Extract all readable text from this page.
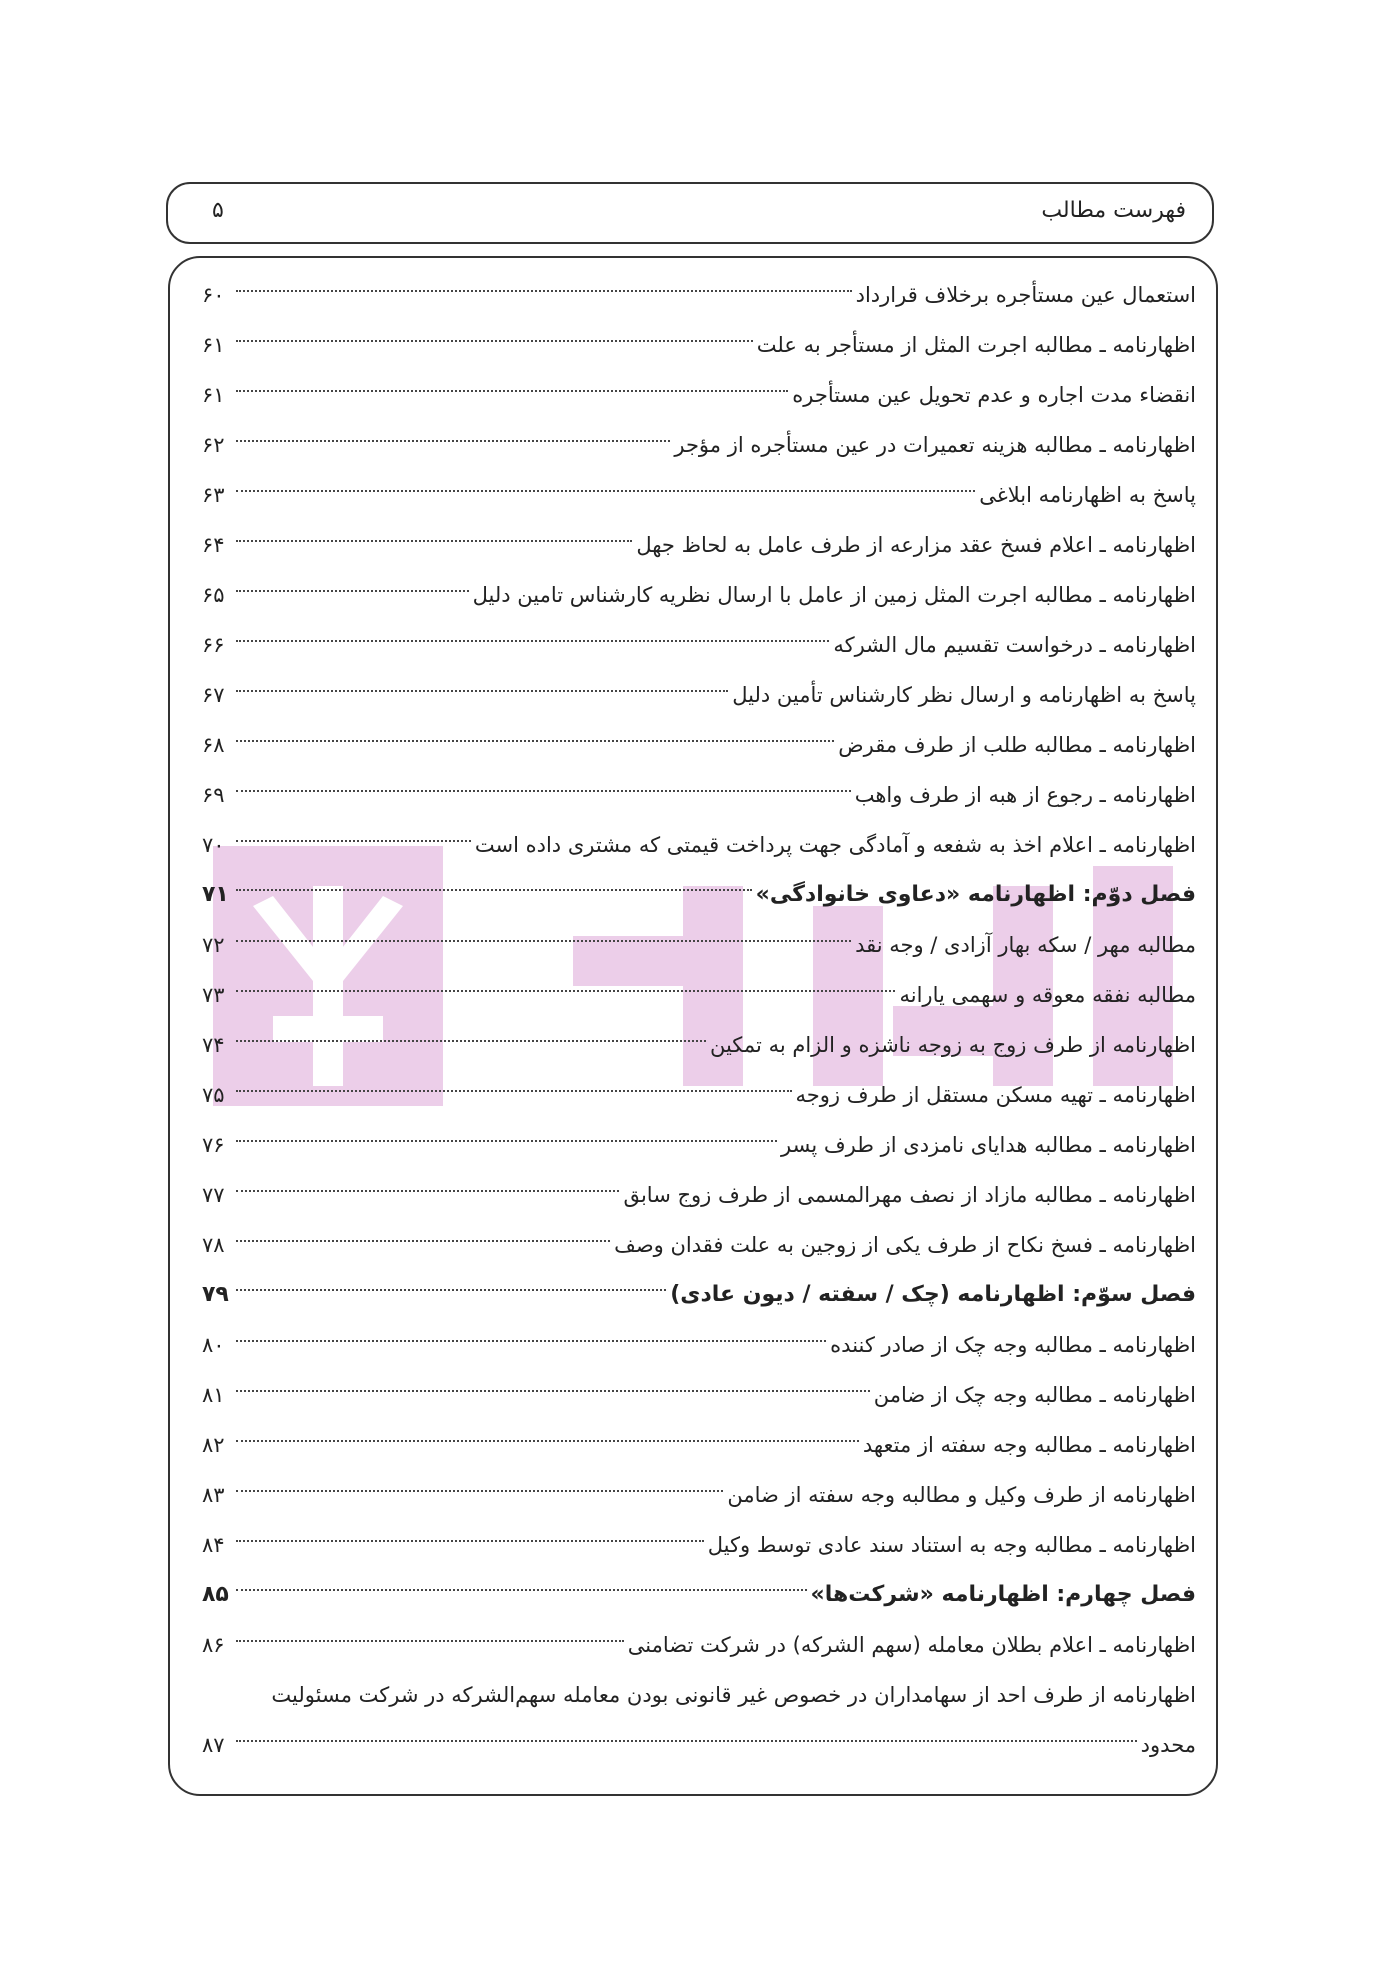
فهرست مطالب
۵
استعمال عین مستأجره برخلاف قرارداد
۶۰
اظهارنامه ـ مطالبه اجرت المثل از مستأجر به علت
۶۱
انقضاء مدت اجاره و عدم تحویل عین مستأجره
۶۱
اظهارنامه ـ مطالبه هزینه تعمیرات در عین مستأجره از مؤجر
۶۲
پاسخ به اظهارنامه ابلاغی
۶۳
اظهارنامه ـ اعلام فسخ عقد مزارعه از طرف عامل به لحاظ جهل
۶۴
اظهارنامه ـ مطالبه اجرت المثل زمین از عامل با ارسال نظریه کارشناس تامین دلیل
۶۵
اظهارنامه ـ درخواست تقسیم مال الشرکه
۶۶
پاسخ به اظهارنامه و ارسال نظر کارشناس تأمین دلیل
۶۷
اظهارنامه ـ مطالبه طلب از طرف مقرض
۶۸
اظهارنامه ـ رجوع از هبه از طرف واهب
۶۹
اظهارنامه ـ اعلام اخذ به شفعه و آمادگی جهت پرداخت قیمتی که مشتری داده است
۷۰
فصل دوّم: اظهارنامه «دعاوی خانوادگی»
۷۱
مطالبه مهر / سکه بهار آزادی / وجه نقد
۷۲
مطالبه نفقه معوقه و سهمی یارانه
۷۳
اظهارنامه از طرف زوج به زوجه ناشزه و الزام به تمکین
۷۴
اظهارنامه ـ تهیه مسکن مستقل از طرف زوجه
۷۵
اظهارنامه ـ مطالبه هدایای نامزدی از طرف پسر
۷۶
اظهارنامه ـ مطالبه مازاد از نصف مهرالمسمی از طرف زوج سابق
۷۷
اظهارنامه ـ فسخ نکاح از طرف یکی از زوجین به علت فقدان وصف
۷۸
فصل سوّم: اظهارنامه (چک / سفته / دیون عادی)
۷۹
اظهارنامه ـ مطالبه وجه چک از صادر کننده
۸۰
اظهارنامه ـ مطالبه وجه چک از ضامن
۸۱
اظهارنامه ـ مطالبه وجه سفته از متعهد
۸۲
اظهارنامه از طرف وکیل و مطالبه وجه سفته از ضامن
۸۳
اظهارنامه ـ مطالبه وجه به استناد سند عادی توسط وکیل
۸۴
فصل چهارم: اظهارنامه «شرکت‌ها»
۸۵
اظهارنامه ـ اعلام بطلان معامله (سهم الشرکه) در شرکت تضامنی
۸۶
اظهارنامه از طرف احد از سهامداران در خصوص غیر قانونی بودن معامله سهم‌الشرکه در شرکت مسئولیت
محدود
۸۷
